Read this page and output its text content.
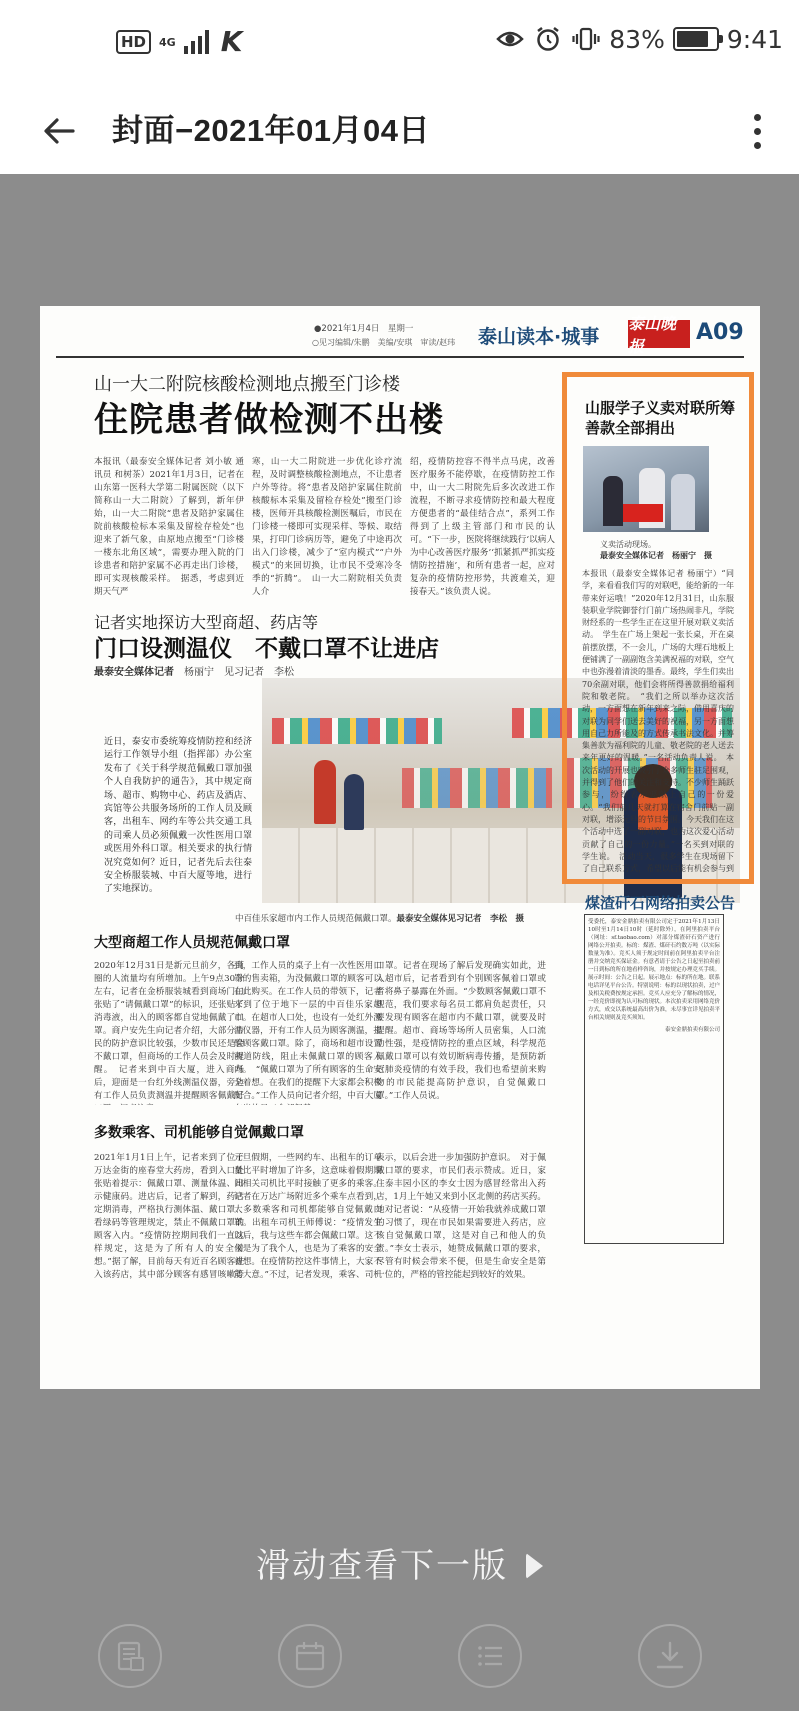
HD	4G K	83% 9:41
封面−2021年01月04日
●2021年1月4日　星期一
○见习编辑/朱鹏　美编/安琪　审读/赵玮 泰山读本·城事
泰山晚报
A09
山一大二附院核酸检测地点搬至门诊楼
住院患者做检测不出楼
本报讯（最泰安全媒体记者 刘小敏 通讯员 和树茶）2021年1月3日，记者在山东第一医科大学第二附属医院（以下简称山一大二附院）了解到，新年伊始，山一大二附院“患者及陪护家属住院前核酸检标本采集及留检存检处”也迎来了新气象，由原地点搬至“门诊楼一楼东北角区域”，需要办理入院的门诊患者和陪护家属不必再走出门诊楼，即可实现核酸采样。　据悉，考虑到近期天气严
寒，山一大二附院进一步优化诊疗流程，及时调整核酸检测地点，不让患者户外等待。将“患者及陪护家属住院前核酸标本采集及留检存检处”搬至门诊楼，医师开具核酸检测医嘱后，市民在门诊楼一楼即可实现采样、等候、取结果，打印门诊病历等，避免了中途再次出入门诊楼，减少了“室内模式”“户外模式”的来回切换，让市民不受寒冷冬季的“折腾”。　山一大二附院相关负责人介
绍，疫情防控容不得半点马虎，改善医疗服务不能停歇，在疫情防控工作中，山一大二附院先后多次改进工作流程，不断寻求疫情防控和最大程度方便患者的“最佳结合点”，系列工作得到了上级主管部门和市民的认可。“下一步，医院将继续践行‘以病人为中心改善医疗服务’‘抓紧抓严抓实疫情防控措施’，和所有患者一起，应对复杂的疫情防控形势，共渡难关，迎接春天。”该负责人说。
记者实地探访大型商超、药店等
门口设测温仪　不戴口罩不让进店
最泰安全媒体记者　 杨丽宁　见习记者　李松
近日，泰安市委统筹疫情防控和经济运行工作领导小组（指挥部）办公室发布了《关于科学规范佩戴口罩加强个人自我防护的通告》，其中规定商场、超市、购物中心、药店及酒店、宾馆等公共服务场所的工作人员及顾客，出租车、网约车等公共交通工具的司乘人员必须佩戴一次性医用口罩或医用外科口罩。相关要求的执行情况究竟如何？近日，记者先后去往泰安全桥服装城、中百大厦等地，进行了实地探访。
中百佳乐家超市内工作人员规范佩戴口罩。最泰安全媒体见习记者　李松　摄
大型商超工作人员规范佩戴口罩
2020年12月31日是新元旦前夕，各商圈的人流量均有所增加。上午9点30分左右，记者在金桥服装城看到商场门口张贴了“请佩戴口罩”的标识，还张贴了消毒液，出入的顾客都自觉地佩戴了口罩。商户安先生向记者介绍，大部分市民的防护意识比较强，少数市民还是会不戴口罩，但商场的工作人员会及时提醒。　记者来到中百大厦，进入商场后，迎面是一台红外线测温仪器，旁边有工作人员负责测温并提醒顾客佩戴好
到，工作人员的桌子上有一次性医用口罩的售卖箱，为没佩戴口罩的顾客可以在此购买。在工作人员的带领下，记者来到了位于地下一层的中百佳乐家超市。在超市人口处，也设有一处红外测温仪器，开有工作人员为顾客测温，提醒顾客戴口罩。除了，商场和超市设置两道防线，阻止未佩戴口罩的顾客入内。　“佩戴口罩为了所有顾客的生命安全着想。在我们的提醒下大家都会积极配合。”工作人员向记者介绍，中百大厦
口罩。记者在现场了解后发现确实如此，进入超市后，记者看到有个别顾客佩着口罩或者将鼻子暴露在外面。“少数顾客佩戴口罩不规范，我们要求每名员工都肩负起责任，只要发现有顾客在超市内不戴口罩，就要及时提醒。超市、商场等场所人员密集，人口流动性强，是疫情防控的重点区域，科学规范佩戴口罩可以有效切断病毒传播，是预防新冠肺炎疫情的有效手段，我们也希望前来购物的市民能提高防护意识，自觉佩戴口罩。”工作人员说。
多数乘客、司机能够自觉佩戴口罩
2021年1月1日上午，记者来到了位于万达金街的座春堂大药房，看到入口处张贴着提示：佩戴口罩、测量体温、出示健康码。进店后，记者了解到，药店定期消毒，严格执行测体温、戴口罩、看绿码等管理规定，禁止不佩戴口罩的顾客入内。“疫情防控期间我们一直这样规定，这是为了所有人的安全着想。”据了解，目前每天有近百名顾客进入该药店，其中部分顾客有感冒咳嗽等
元旦假期，一些网约车、出租车的订单量比平时增加了许多，这意味着假期期间相关司机比平时接触了更多的乘客。记者在万达广场附近多个乘车点看到，大多数乘客和司机都能够自觉佩戴口罩。出租车司机王师傅说：“疫情发生以后，我与这些车都会佩戴口罩。这不仅是为了我个人，也是为了乘客的安全着想。在疫情防控这件事情上，大家不能大意。”不过，记者发现，乘客、司机
表示，以后会进一步加强防护意识。　对于佩戴口罩的要求，市民们表示赞成。近日，家住泰丰园小区的李女士因为感冒经常出入药店，1月上午她又来到小区北侧的药店买药。她对记者说：“从疫情一开始我就养成戴口罩的习惯了，现在市民如果需要进入药店，应该自觉佩戴口罩，这是对自己和他人的负责。”李女士表示，她赞成佩戴口罩的要求，尽管有时候会带来不便，但是生命安全是第一位的，严格的管控能起到较好的效果。
山服学子义卖对联所筹善款全部捐出
义卖活动现场。
最泰安全媒体记者　杨丽宁　摄
本报讯（最泰安全媒体记者 杨丽宁）“同学，来看看我们写的对联吧，能给新的一年带来好运哦！”2020年12月31日，山东服装职业学院御誉行门前广场热闹非凡，学院财经系的一些学生正在这里开展对联义卖活动。　学生在广场上架起一张长桌，开在桌前摆放摆，不一会儿，广场的大理石地板上便铺满了一副副饱含美满祝福的对联，空气中也弥漫着清淡的墨香。最终，学生们卖出70余副对联，他们会将所得善款捐给福利院和敬老院。　“我们之所以举办这次活动，一方面想在新年到来之际，借用喜庆的对联为同学们送去美好的祝福，另一方面想用自己力所能及的方式传承书法文化。并筹集善款为福利院的儿童、敬老院的老人送去来年更好的温暖。”一名活动负责人说。　本次活动的开展也吸引了众多师生驻足围观，并得到了他们的关注和支持。不少师生踊跃参与，纷纷表示要献上自己的一份爱心。“我们前几天就打算在宿舍门前贴一副对联，增添元旦的节日氛围。今天我们在这个活动中选了一副对联，也为这次爱心活动贡献了自己的一份力量。”一名买到对联的学生说。　活动当天，很多学生在现场留下了自己联系方式，希望以后能有机会参与到　
煤渣矸石网络拍卖公告
受委托，泰安金鼎拍卖有限公司定于2021年1月13日10时至1月14日10时（延时除外），在阿里拍卖平台（网址：sf.taobao.com）对部分煤渣矸石资产进行网络公开拍卖。标的：煤渣、煤矸石约数万吨（以实际数量为准）。竞买人须于规定时间前在阿里拍卖平台注册并交纳竞买保证金。有意者请于公告之日起至拍卖前一日到标的所在地看样咨询，并按规定办理竞买手续。展示时间：公告之日起。展示地点：标的所在地。联系电话详见平台公告。特别说明：标的以现状拍卖，过户及相关税费按规定承担。竞买人应充分了解标的情况，一经竞价即视为认可标的现状。本次拍卖采用网络竞价方式，成交以系统最高出价为准，未尽事宜详见拍卖平台相关规则及竞买须知。
泰安金鼎拍卖有限公司
滑动查看下一版
